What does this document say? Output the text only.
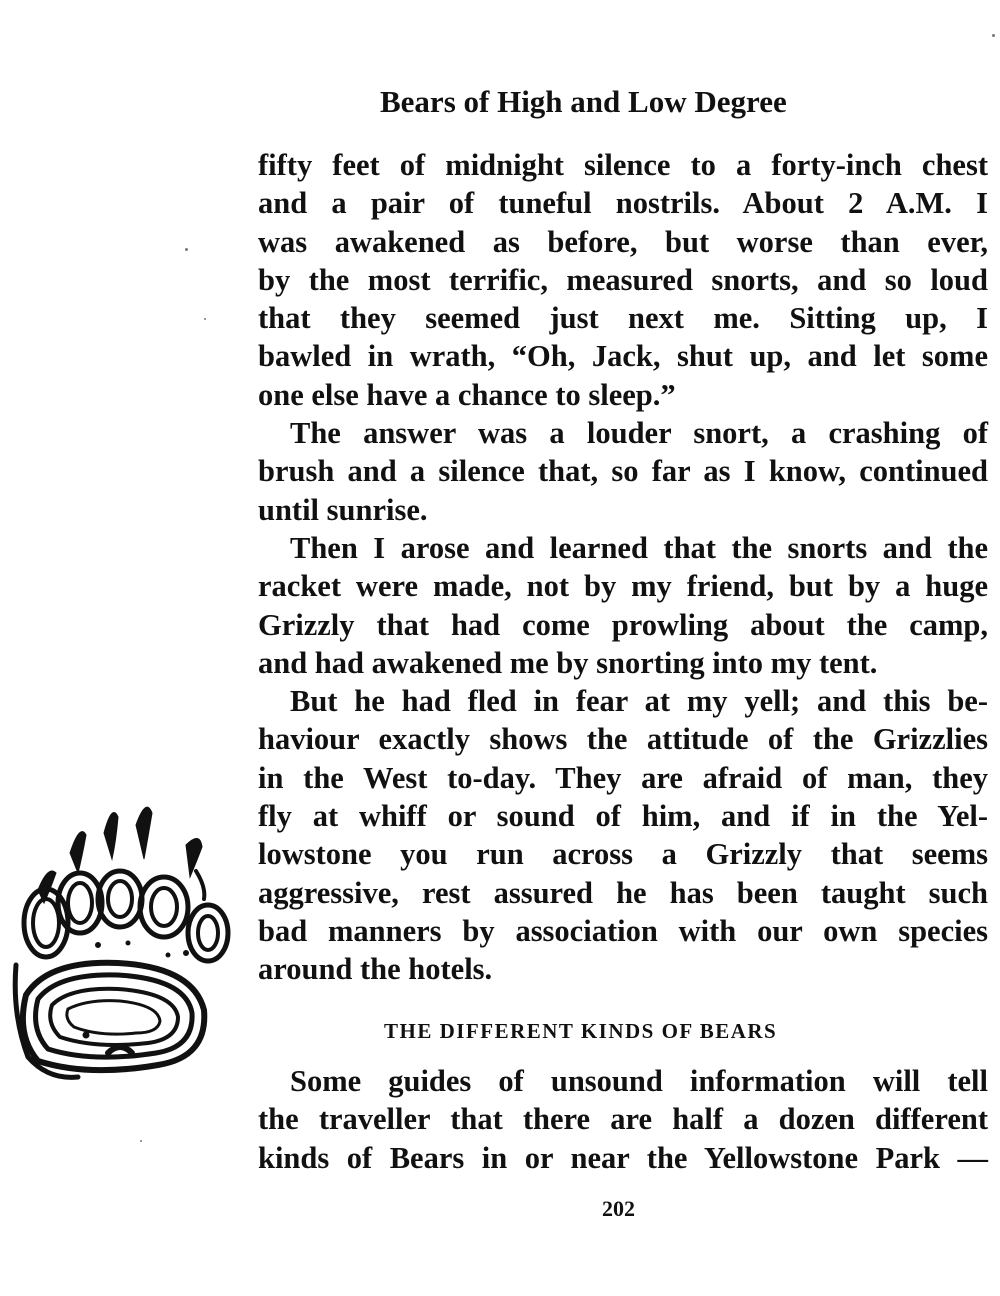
Bears of High and Low Degree

fifty feet of midnight silence to a forty-inch chest
and a pair of tuneful nostrils. About 2 A.M. I
was awakened as before, but worse than ever,
by the most terrific, measured snorts, and so loud
that they seemed just next me. Sitting up, I
bawled in wrath, “Oh, Jack, shut up, and let some
one else have a chance to sleep.”

The answer was a louder snort, a crashing of
brush and a silence that, so far as I know, continued
until sunrise.

Then I arose and learned that the snorts and the
racket were made, not by my friend, but by a huge
Grizzly that had come prowling about the camp,
and had awakened me by snorting into my tent.

But he had fled in fear at my yell; and this be-
haviour exactly shows the attitude of the Grizzlies
in the West to-day. They are afraid of man, they
fly at whiff or sound of him, and if in the Yel-
lowstone you run across a Grizzly that seems
aggressive, rest assured he has been taught such
bad manners by association with our own species
around the hotels.

THE DIFFERENT KINDS OF BEARS
Some guides of unsound information will tell
the traveller that there are half a dozen different
kinds of Bears in or near the Yellowstone Park —
202
